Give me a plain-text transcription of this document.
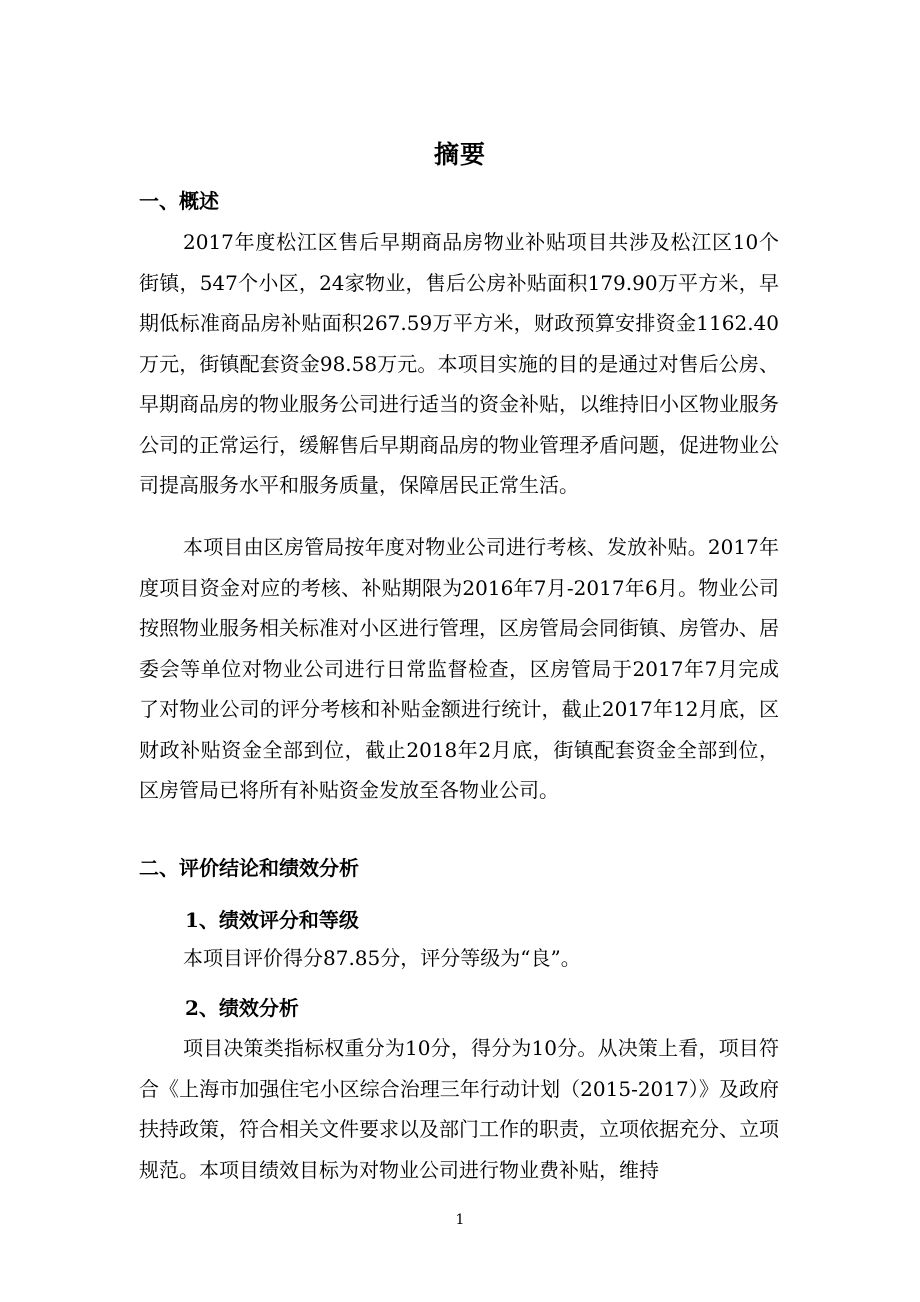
摘要
一、概述

2017年度松江区售后早期商品房物业补贴项目共涉及松江区10个街镇，547个小区，24家物业，售后公房补贴面积179.90万平方米，早期低标准商品房补贴面积267.59万平方米，财政预算安排资金1162.40万元，街镇配套资金98.58万元。本项目实施的目的是通过对售后公房、早期商品房的物业服务公司进行适当的资金补贴，以维持旧小区物业服务公司的正常运行，缓解售后早期商品房的物业管理矛盾问题，促进物业公司提高服务水平和服务质量，保障居民正常生活。

本项目由区房管局按年度对物业公司进行考核、发放补贴。2017年度项目资金对应的考核、补贴期限为2016年7月-2017年6月。物业公司按照物业服务相关标准对小区进行管理，区房管局会同街镇、房管办、居委会等单位对物业公司进行日常监督检查，区房管局于2017年7月完成了对物业公司的评分考核和补贴金额进行统计，截止2017年12月底，区财政补贴资金全部到位，截止2018年2月底，街镇配套资金全部到位，区房管局已将所有补贴资金发放至各物业公司。

二、评价结论和绩效分析
1、绩效评分和等级

本项目评价得分87.85分，评分等级为“良”。

2、绩效分析

项目决策类指标权重分为10分，得分为10分。从决策上看，项目符合《上海市加强住宅小区综合治理三年行动计划（2015-2017）》及政府扶持政策，符合相关文件要求以及部门工作的职责，立项依据充分、立项规范。本项目绩效目标为对物业公司进行物业费补贴，维持

1
